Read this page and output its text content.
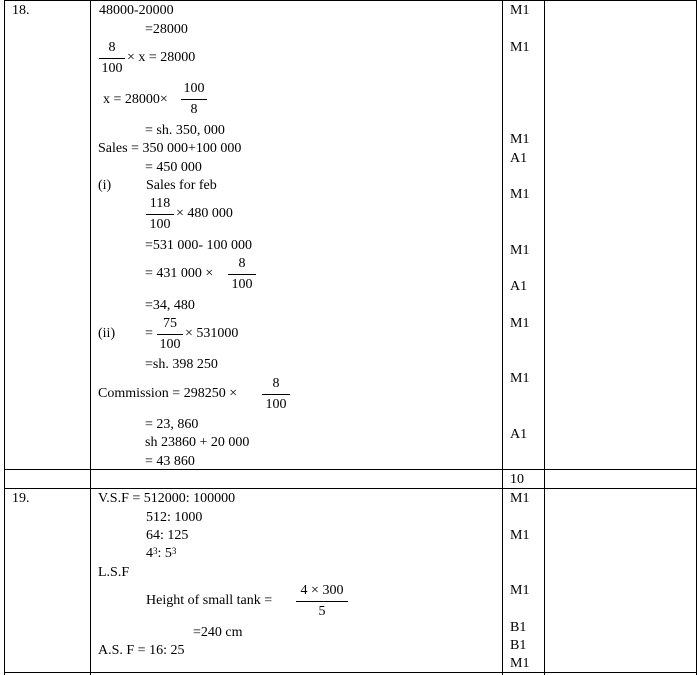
18.	48000-20000
=28000
8
100
× x = 28000
x = 28000×
100
8
= sh. 350, 000
Sales = 350 000+100 000
= 450 000
(i) Sales for feb
118
100
× 480 000
=531 000- 100 000
= 431 000 ×
8
100
=34, 480
(ii) =
75
100
× 531000
=sh. 398 250
Commission = 298250 ×
8
100
= 23, 860
sh 23860 + 20 000
= 43 860
M1
M1
M1
A1
M1
M1
A1
M1
M1
A1
10
19.	V.S.F = 512000: 100000
512: 1000
64: 125
$4^3$: $5^3$
L.S.F
Height of small tank =
4 × 300
5
=240 cm
A.S. F = 16: 25
M1
M1
M1
B1
B1
M1
